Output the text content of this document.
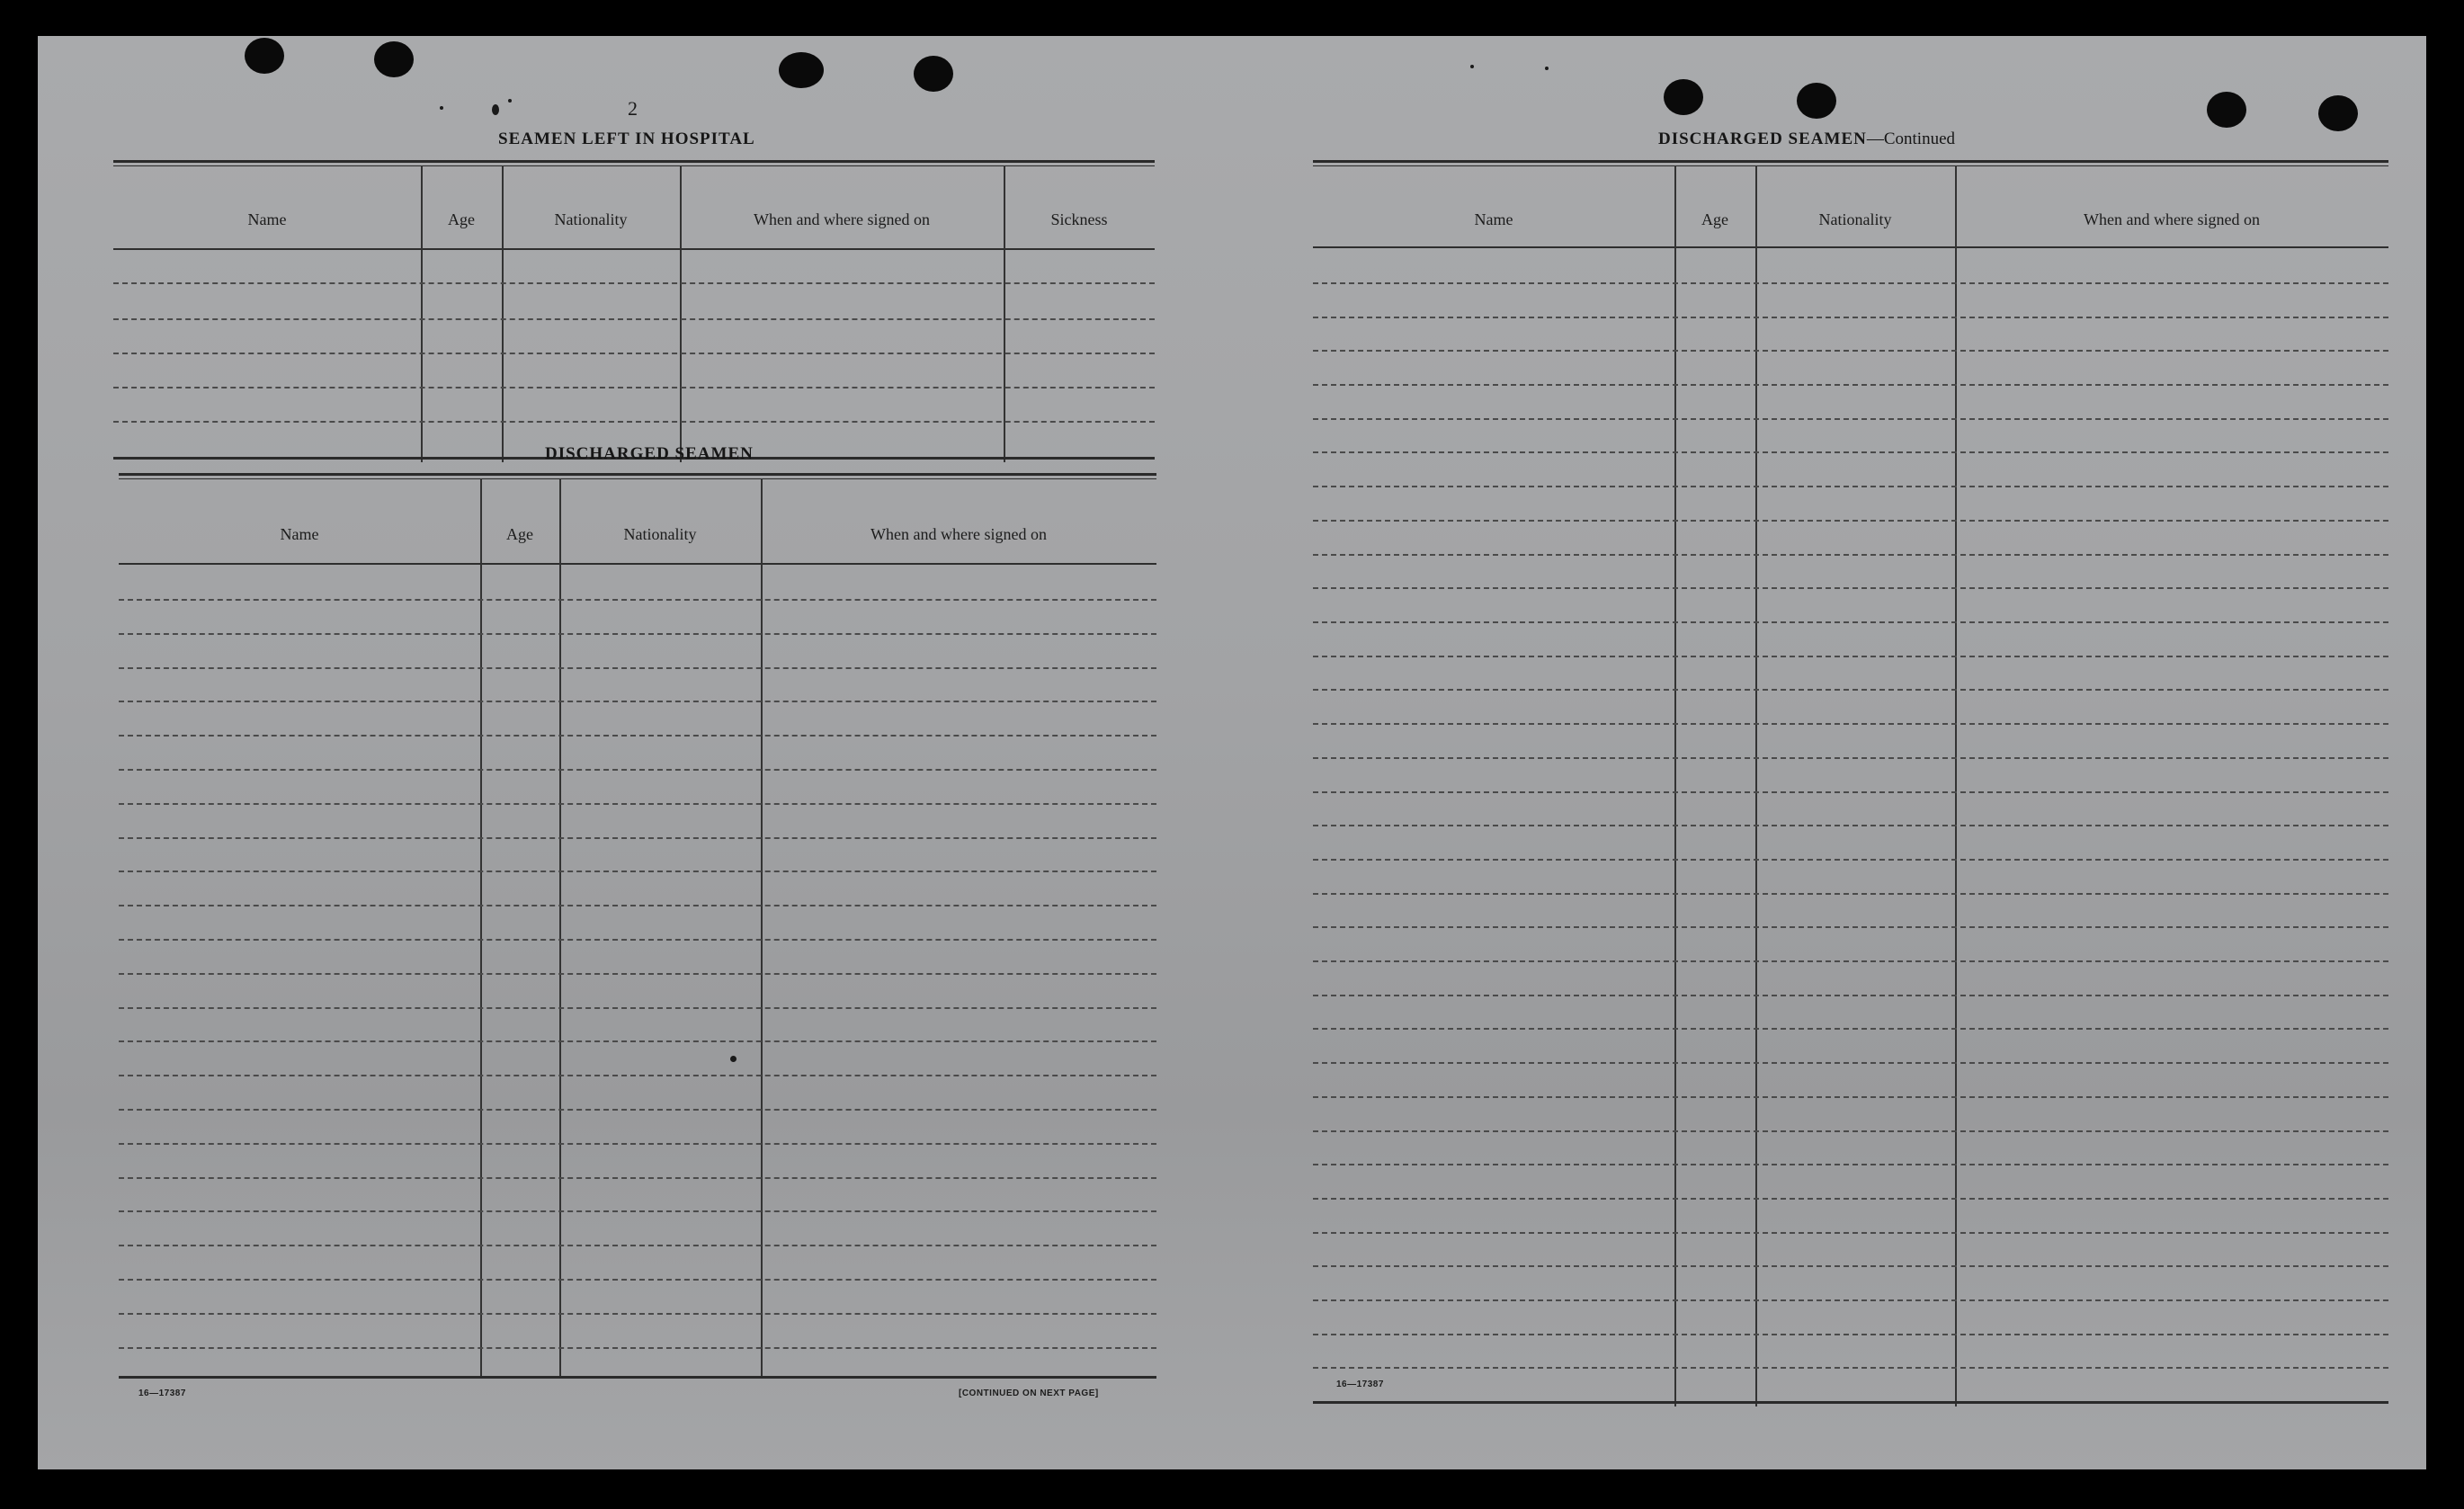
2
SEAMEN LEFT IN HOSPITAL
Name	Age	Nationality	When and where signed on	Sickness
DISCHARGED SEAMEN
Name	Age	Nationality	When and where signed on
16—17387	[CONTINUED ON NEXT PAGE]
DISCHARGED SEAMEN—Continued
Name	Age	Nationality	When and where signed on
16—17387
